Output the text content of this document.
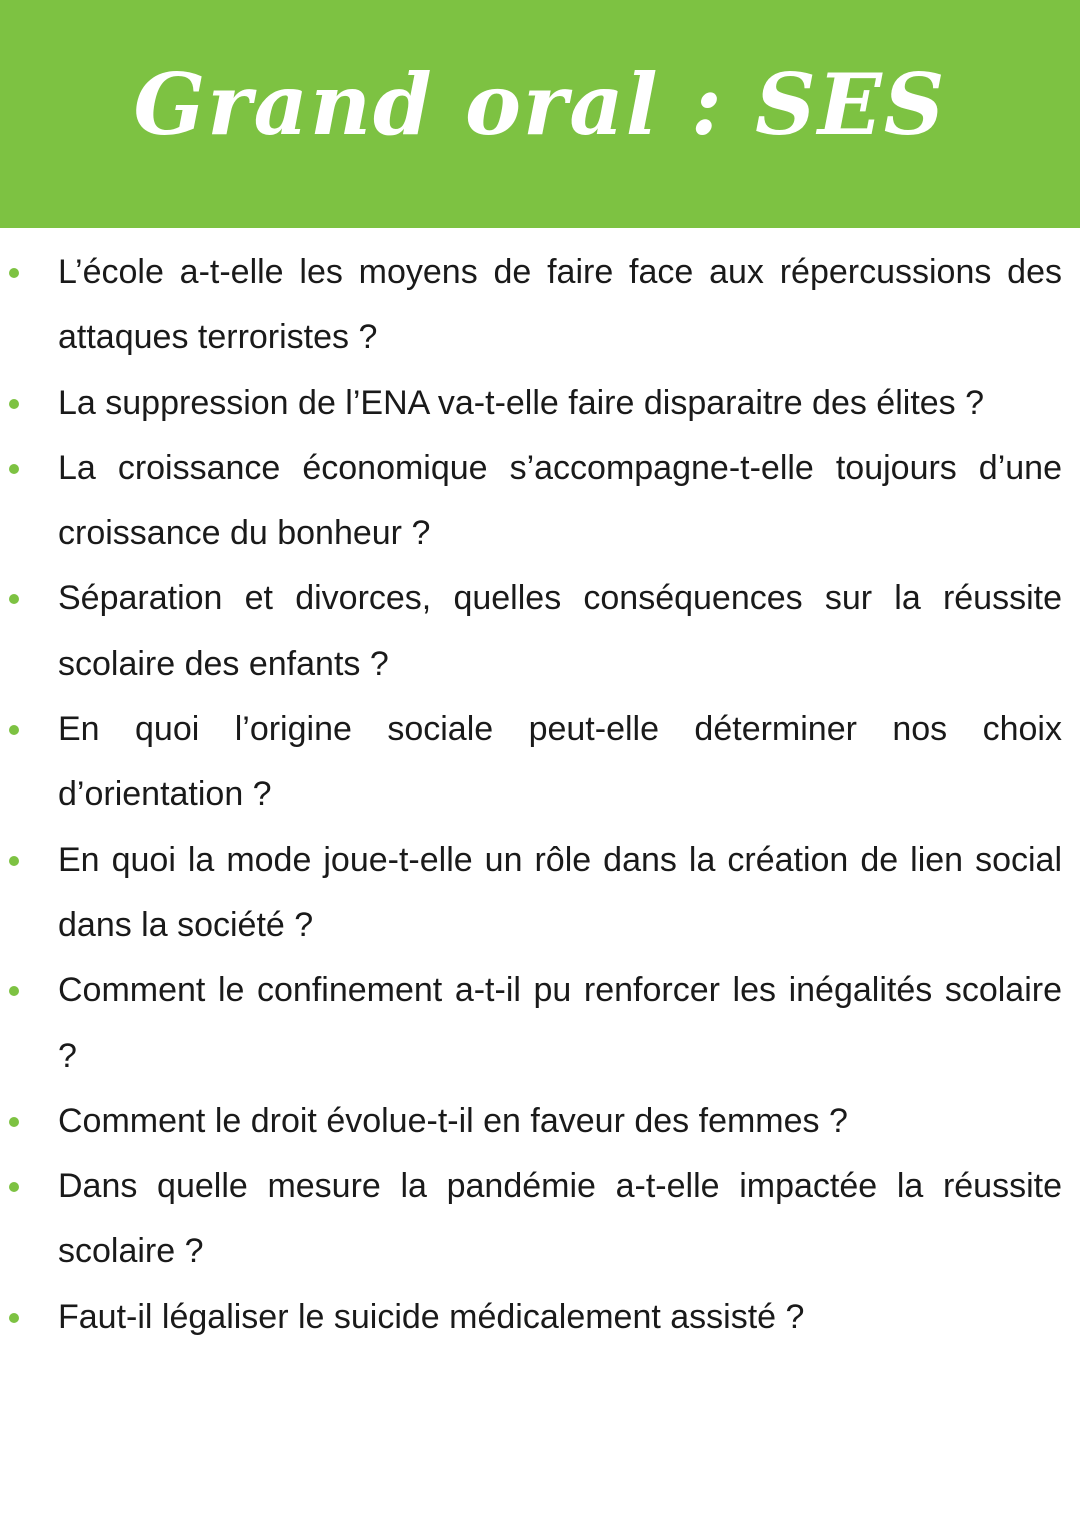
Grand oral : SES
L’école a-t-elle les moyens de faire face aux répercussions des attaques terroristes ?
La suppression de l’ENA va-t-elle faire disparaitre des élites ?
La croissance économique s’accompagne-t-elle toujours d’une croissance du bonheur ?
Séparation et divorces, quelles conséquences sur la réussite scolaire des enfants ?
En quoi l’origine sociale peut-elle déterminer nos choix d’orientation ?
En quoi la mode joue-t-elle un rôle dans la création de lien social dans la société ?
Comment le confinement a-t-il pu renforcer les inégalités scolaire ?
Comment le droit évolue-t-il en faveur des femmes ?
Dans quelle mesure la pandémie a-t-elle impactée la réussite scolaire ?
Faut-il légaliser le suicide médicalement assisté ?
